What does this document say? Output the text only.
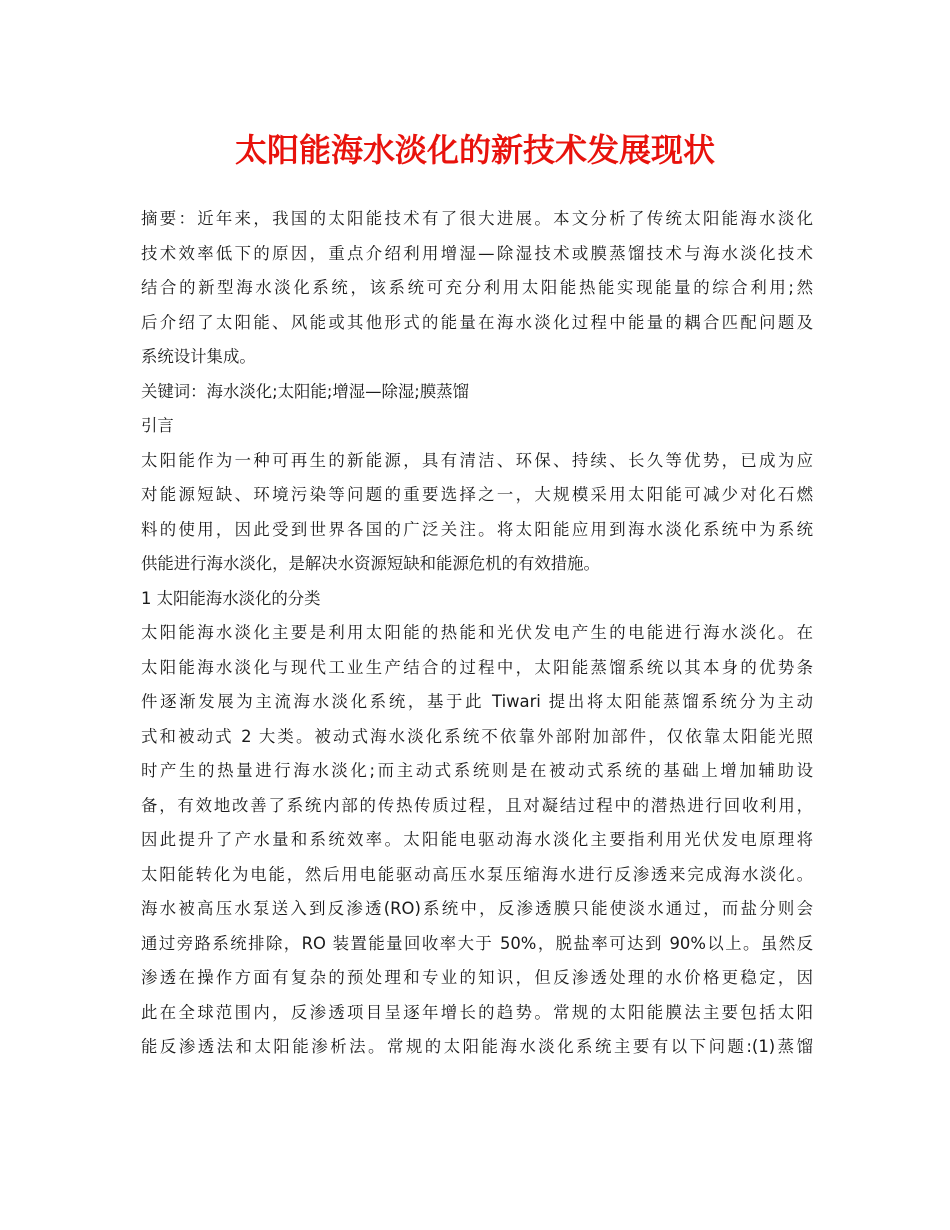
太阳能海水淡化的新技术发展现状
摘要：近年来，我国的太阳能技术有了很大进展。本文分析了传统太阳能海水淡化
技术效率低下的原因，重点介绍利用增湿—除湿技术或膜蒸馏技术与海水淡化技术
结合的新型海水淡化系统，该系统可充分利用太阳能热能实现能量的综合利用;然
后介绍了太阳能、风能或其他形式的能量在海水淡化过程中能量的耦合匹配问题及
系统设计集成。
关键词：海水淡化;太阳能;增湿—除湿;膜蒸馏
引言
太阳能作为一种可再生的新能源，具有清洁、环保、持续、长久等优势，已成为应
对能源短缺、环境污染等问题的重要选择之一，大规模采用太阳能可减少对化石燃
料的使用，因此受到世界各国的广泛关注。将太阳能应用到海水淡化系统中为系统
供能进行海水淡化，是解决水资源短缺和能源危机的有效措施。
1 太阳能海水淡化的分类
太阳能海水淡化主要是利用太阳能的热能和光伏发电产生的电能进行海水淡化。在
太阳能海水淡化与现代工业生产结合的过程中，太阳能蒸馏系统以其本身的优势条
件逐渐发展为主流海水淡化系统，基于此 Tiwari 提出将太阳能蒸馏系统分为主动
式和被动式 2 大类。被动式海水淡化系统不依靠外部附加部件，仅依靠太阳能光照
时产生的热量进行海水淡化;而主动式系统则是在被动式系统的基础上增加辅助设
备，有效地改善了系统内部的传热传质过程，且对凝结过程中的潜热进行回收利用，
因此提升了产水量和系统效率。太阳能电驱动海水淡化主要指利用光伏发电原理将
太阳能转化为电能，然后用电能驱动高压水泵压缩海水进行反渗透来完成海水淡化。
海水被高压水泵送入到反渗透(RO)系统中，反渗透膜只能使淡水通过，而盐分则会
通过旁路系统排除，RO 装置能量回收率大于 50%，脱盐率可达到 90%以上。虽然反
渗透在操作方面有复杂的预处理和专业的知识，但反渗透处理的水价格更稳定，因
此在全球范围内，反渗透项目呈逐年增长的趋势。常规的太阳能膜法主要包括太阳
能反渗透法和太阳能渗析法。常规的太阳能海水淡化系统主要有以下问题:(1)蒸馏
